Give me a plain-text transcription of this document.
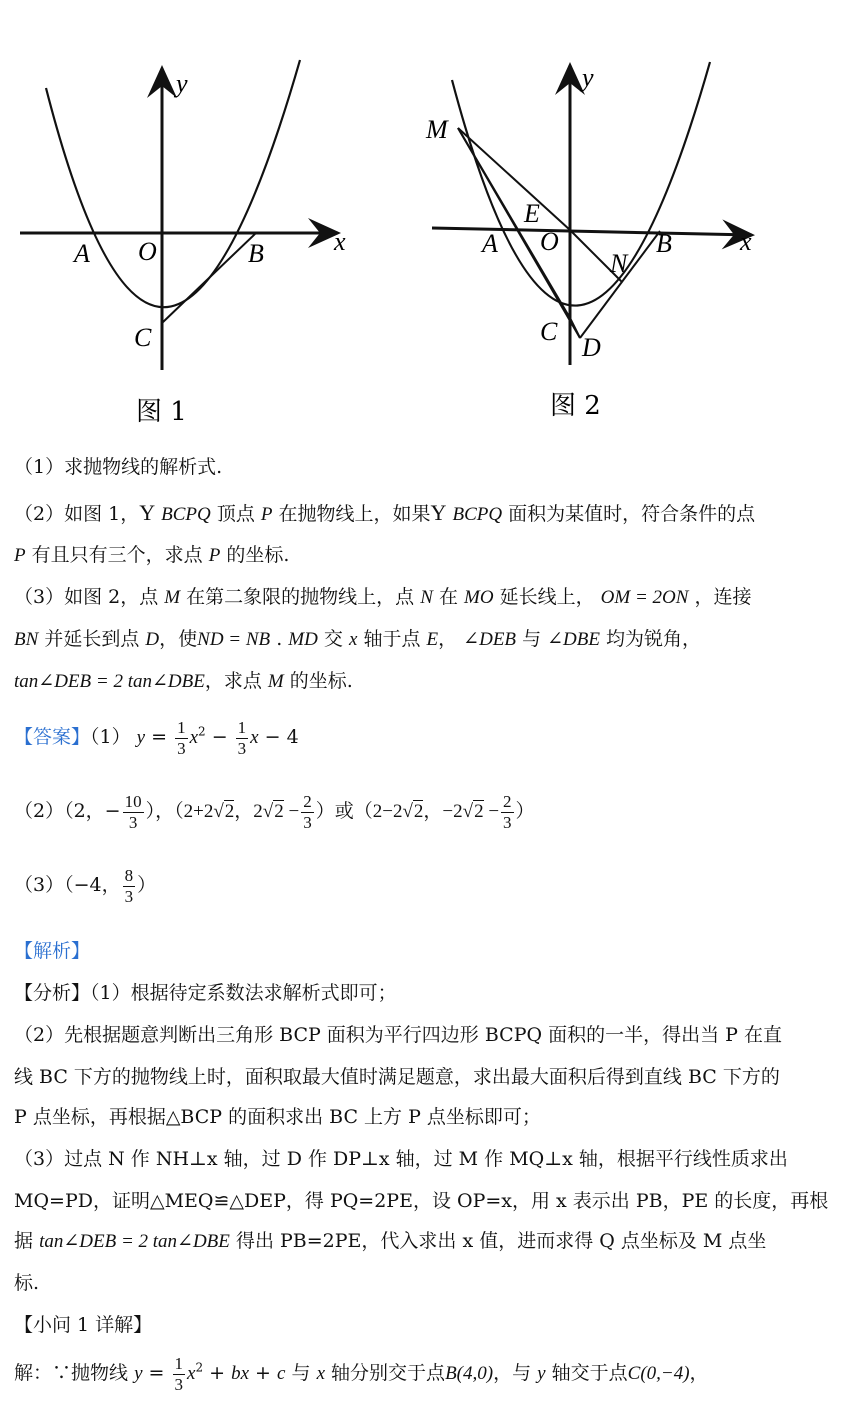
y
x
A O	B
C
图 1
y
x
M
E
A O
N
B
C
D
图 2
（1）求抛物线的解析式.
（2）如图 1，Y BCPQ 顶点 P 在抛物线上，如果Y BCPQ 面积为某值时，符合条件的点
P 有且只有三个，求点 P 的坐标.
（3）如图 2，点 M 在第二象限的抛物线上，点 N 在 MO 延长线上， OM = 2ON ，连接
BN 并延长到点 D，使ND = NB . MD 交 x 轴于点 E， ∠DEB 与 ∠DBE 均为锐角，
tan∠DEB = 2 tan∠DBE，求点 M 的坐标.
【答案】（1） $y = \frac{1}{3} x^2 - \frac{1}{3}$ x − 4
（2）（2，− $\frac{10}{3}$ ），（2+2√2，$2√2 - \frac{2}{3}$ ）或（2−2√2，$-2√2 - \frac{2}{3}$ ）
（3）（−4， $\frac{8}{3}$ ）
【解析】
【分析】（1）根据待定系数法求解析式即可；
（2）先根据题意判断出三角形 BCP 面积为平行四边形 BCPQ 面积的一半，得出当 P 在直
线 BC 下方的抛物线上时，面积取最大值时满足题意，求出最大面积后得到直线 BC 下方的
P 点坐标，再根据△BCP 的面积求出 BC 上方 P 点坐标即可；
（3）过点 N 作 NH⊥x 轴，过 D 作 DP⊥x 轴，过 M 作 MQ⊥x 轴，根据平行线性质求出
MQ=PD，证明△MEQ≌△DEP，得 PQ=2PE，设 OP=x，用 x 表示出 PB，PE 的长度，再根
据 tan∠DEB = 2 tan∠DBE 得出 PB=2PE，代入求出 x 值，进而求得 Q 点坐标及 M 点坐
标.
【小问 1 详解】
解：∵抛物线 $y = \frac{1}{3} x^2$ + bx + c 与 x 轴分别交于点B(4,0)，与 y 轴交于点C(0,−4)，
